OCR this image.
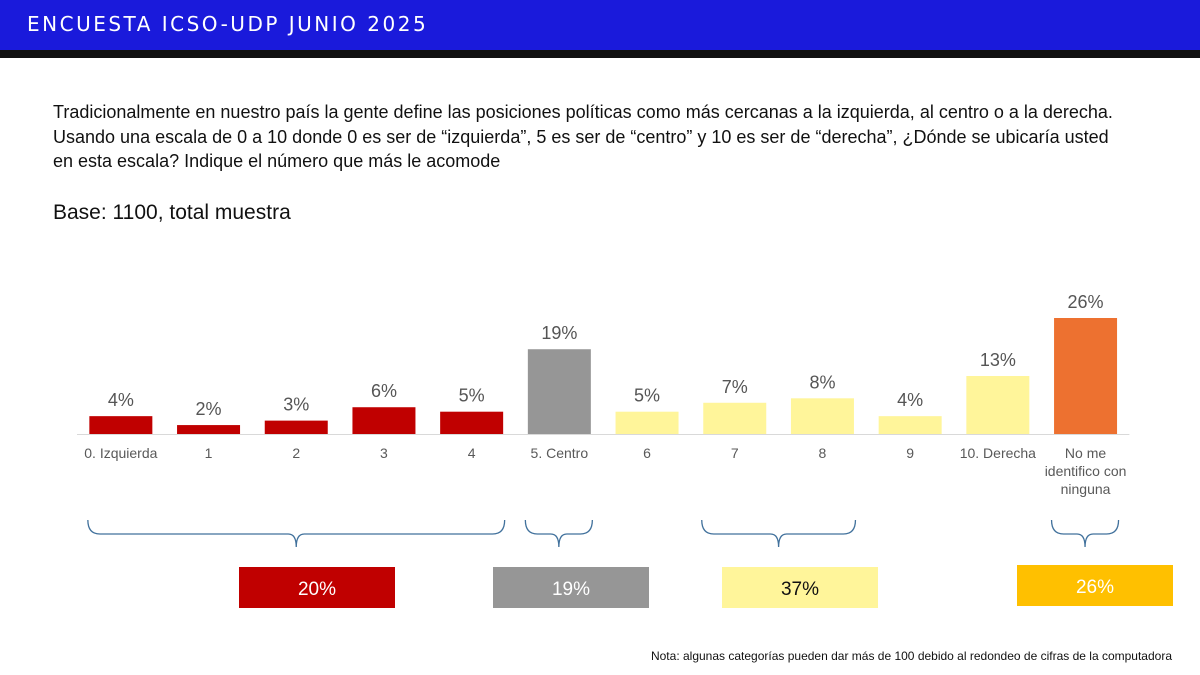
ENCUESTA ICSO-UDP JUNIO 2025
Tradicionalmente en nuestro país la gente define las posiciones políticas como más cercanas a la izquierda, al centro o a la derecha. Usando una escala de 0 a 10 donde 0 es ser de “izquierda”, 5 es ser de “centro” y 10 es ser de “derecha”, ¿Dónde se ubicaría usted en esta escala? Indique el número que más le acomode
Base: 1100, total muestra
4%
0. Izquierda
2%
1
3%
2
6%
3
5%
4
19%
5. Centro
5%
6
7%
7
8%
8
4%
9
13%
10. Derecha
26%
No me identifico con ninguna
20%	19%	37%	26%
Nota: algunas categorías pueden dar más de 100 debido al redondeo de cifras de la computadora
